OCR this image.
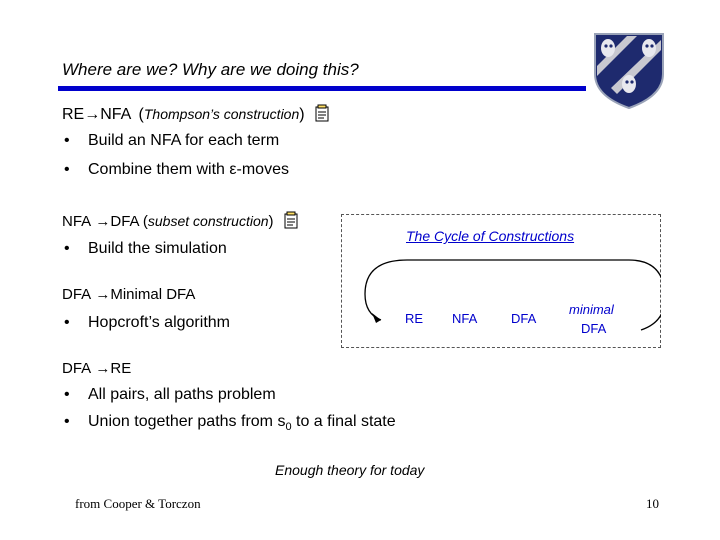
Where are we? Why are we doing this?
RE→NFA (Thompson’s construction)
• Build an NFA for each term
• Combine them with ε-moves
NFA →DFA (subset construction)
• Build the simulation
DFA →Minimal DFA
• Hopcroft’s algorithm
DFA →RE
• All pairs, all paths problem
• Union together paths from $s_0$ to a final state
The Cycle of Constructions
RE NFA	DFA
minimal
DFA
Enough theory for today
from Cooper & Torczon	10
